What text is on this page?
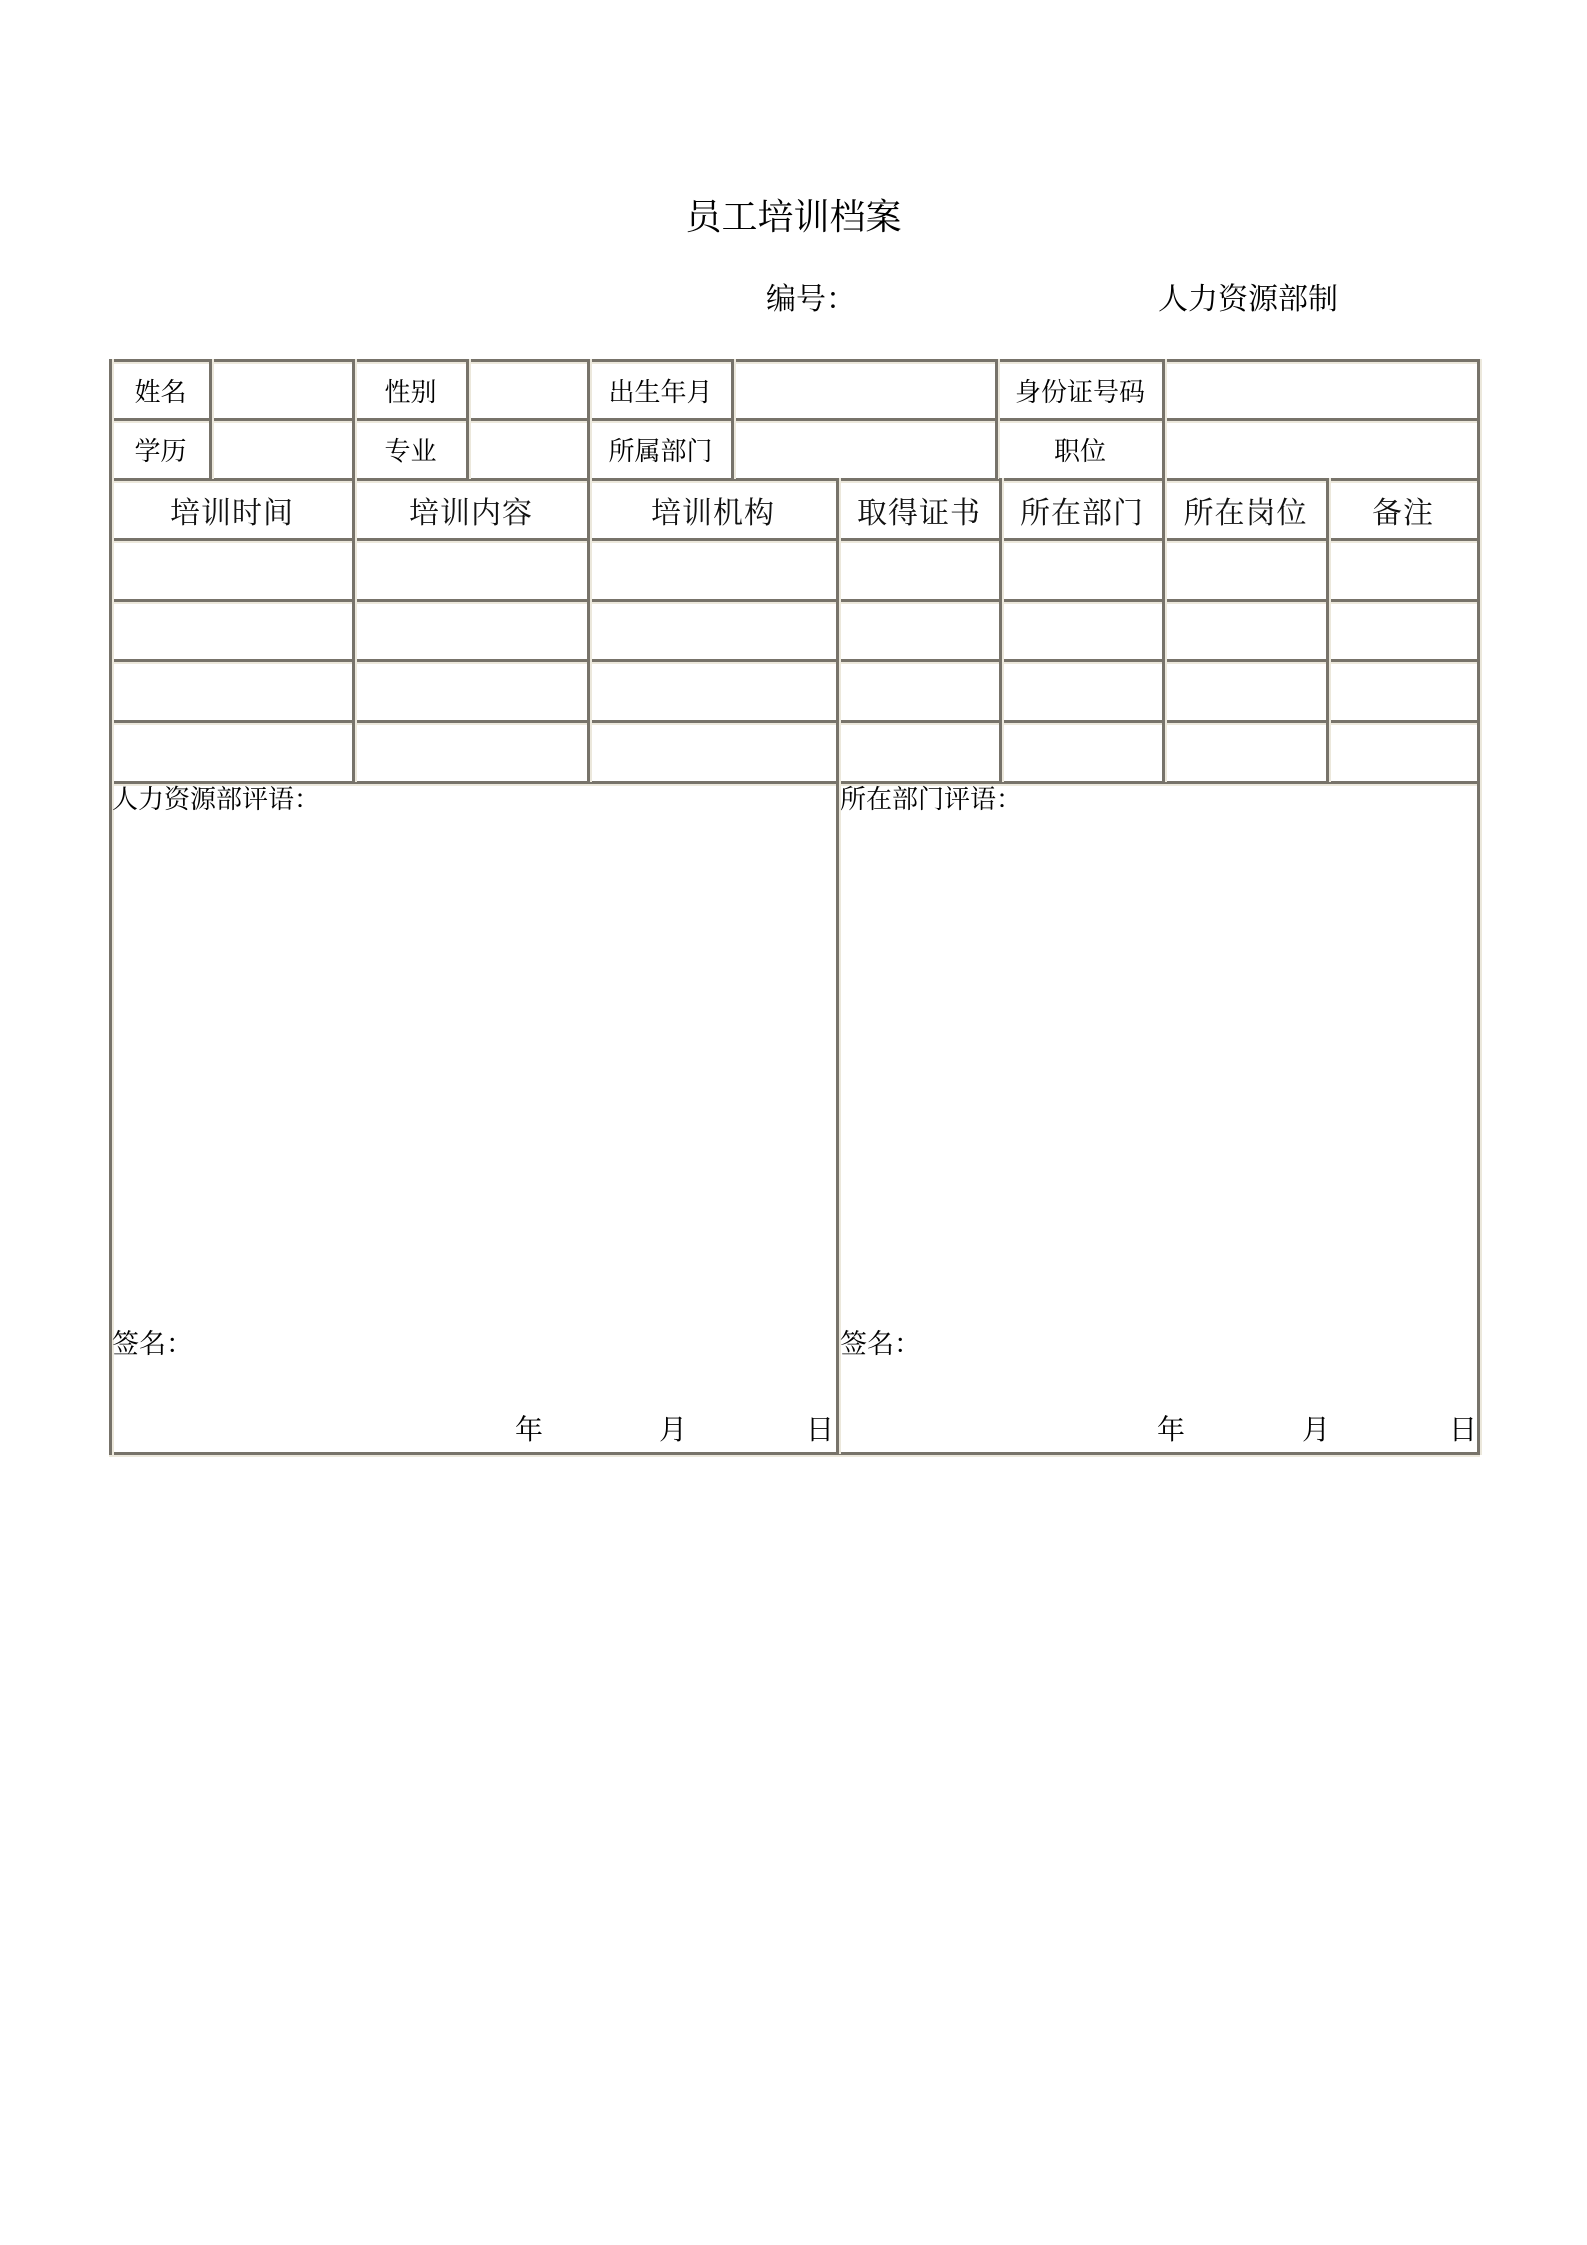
员工培训档案
编号：	人力资源部制
姓名	性别	出生年月	身份证号码
学历	专业	所属部门	职位
培训时间	培训内容	培训机构	取得证书	所在部门	所在岗位	备注
人力资源部评语：
签名：
年	月	日
所在部门评语：
签名：
年	月	日
